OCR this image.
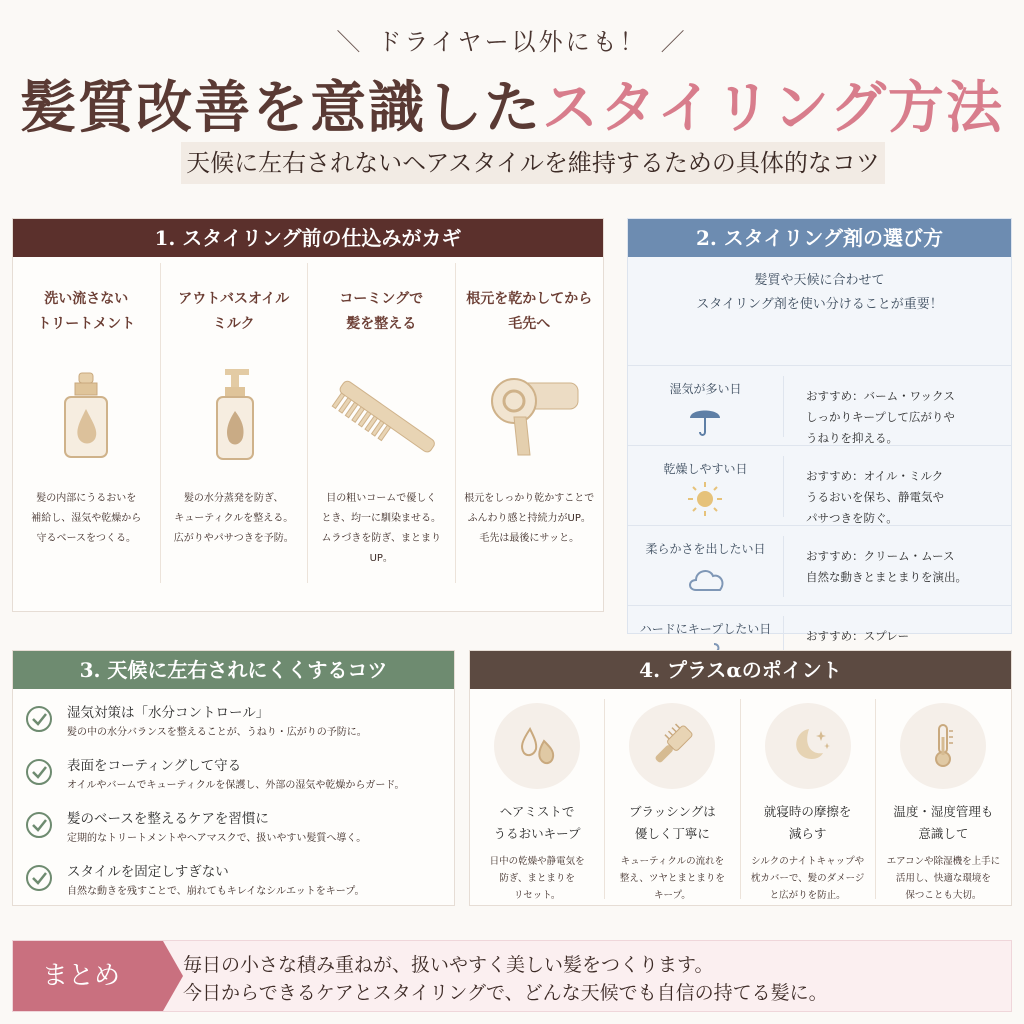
＼ ドライヤー以外にも！ ／
髪質改善を意識したスタイリング方法
天候に左右されないヘアスタイルを維持するための具体的なコツ
1. スタイリング前の仕込みがカギ
洗い流さない
トリートメント
髪の内部にうるおいを
補給し、湿気や乾燥から
守るベースをつくる。
アウトバスオイル
ミルク
髪の水分蒸発を防ぎ、
キューティクルを整える。
広がりやパサつきを予防。
コーミングで
髪を整える
目の粗いコームで優しく
とき、均一に馴染ませる。
ムラづきを防ぎ、まとまりUP。
根元を乾かしてから
毛先へ
根元をしっかり乾かすことで
ふんわり感と持続力がUP。
毛先は最後にサッと。
2. スタイリング剤の選び方
髪質や天候に合わせて
スタイリング剤を使い分けることが重要！
湿気が多い日	おすすめ：バーム・ワックス
しっかりキープして広がりや
うねりを抑える。
乾燥しやすい日	おすすめ：オイル・ミルク
うるおいを保ち、静電気や
パサつきを防ぐ。
柔らかさを出したい日	おすすめ：クリーム・ムース
自然な動きとまとまりを演出。
ハードにキープしたい日	おすすめ：スプレー
3. 天候に左右されにくくするコツ
湿気対策は「水分コントロール」
髪の中の水分バランスを整えることが、うねり・広がりの予防に。
表面をコーティングして守る
オイルやバームでキューティクルを保護し、外部の湿気や乾燥からガード。
髪のベースを整えるケアを習慣に
定期的なトリートメントやヘアマスクで、扱いやすい髪質へ導く。
スタイルを固定しすぎない
自然な動きを残すことで、崩れてもキレイなシルエットをキープ。
4. プラスαのポイント
ヘアミストで
うるおいキープ
日中の乾燥や静電気を
防ぎ、まとまりを
リセット。
ブラッシングは
優しく丁寧に
キューティクルの流れを
整え、ツヤとまとまりを
キープ。
就寝時の摩擦を
減らす
シルクのナイトキャップや
枕カバーで、髪のダメージ
と広がりを防止。
温度・湿度管理も
意識して
エアコンや除湿機を上手に
活用し、快適な環境を
保つことも大切。
まとめ	毎日の小さな積み重ねが、扱いやすく美しい髪をつくります。
今日からできるケアとスタイリングで、どんな天候でも自信の持てる髪に。
